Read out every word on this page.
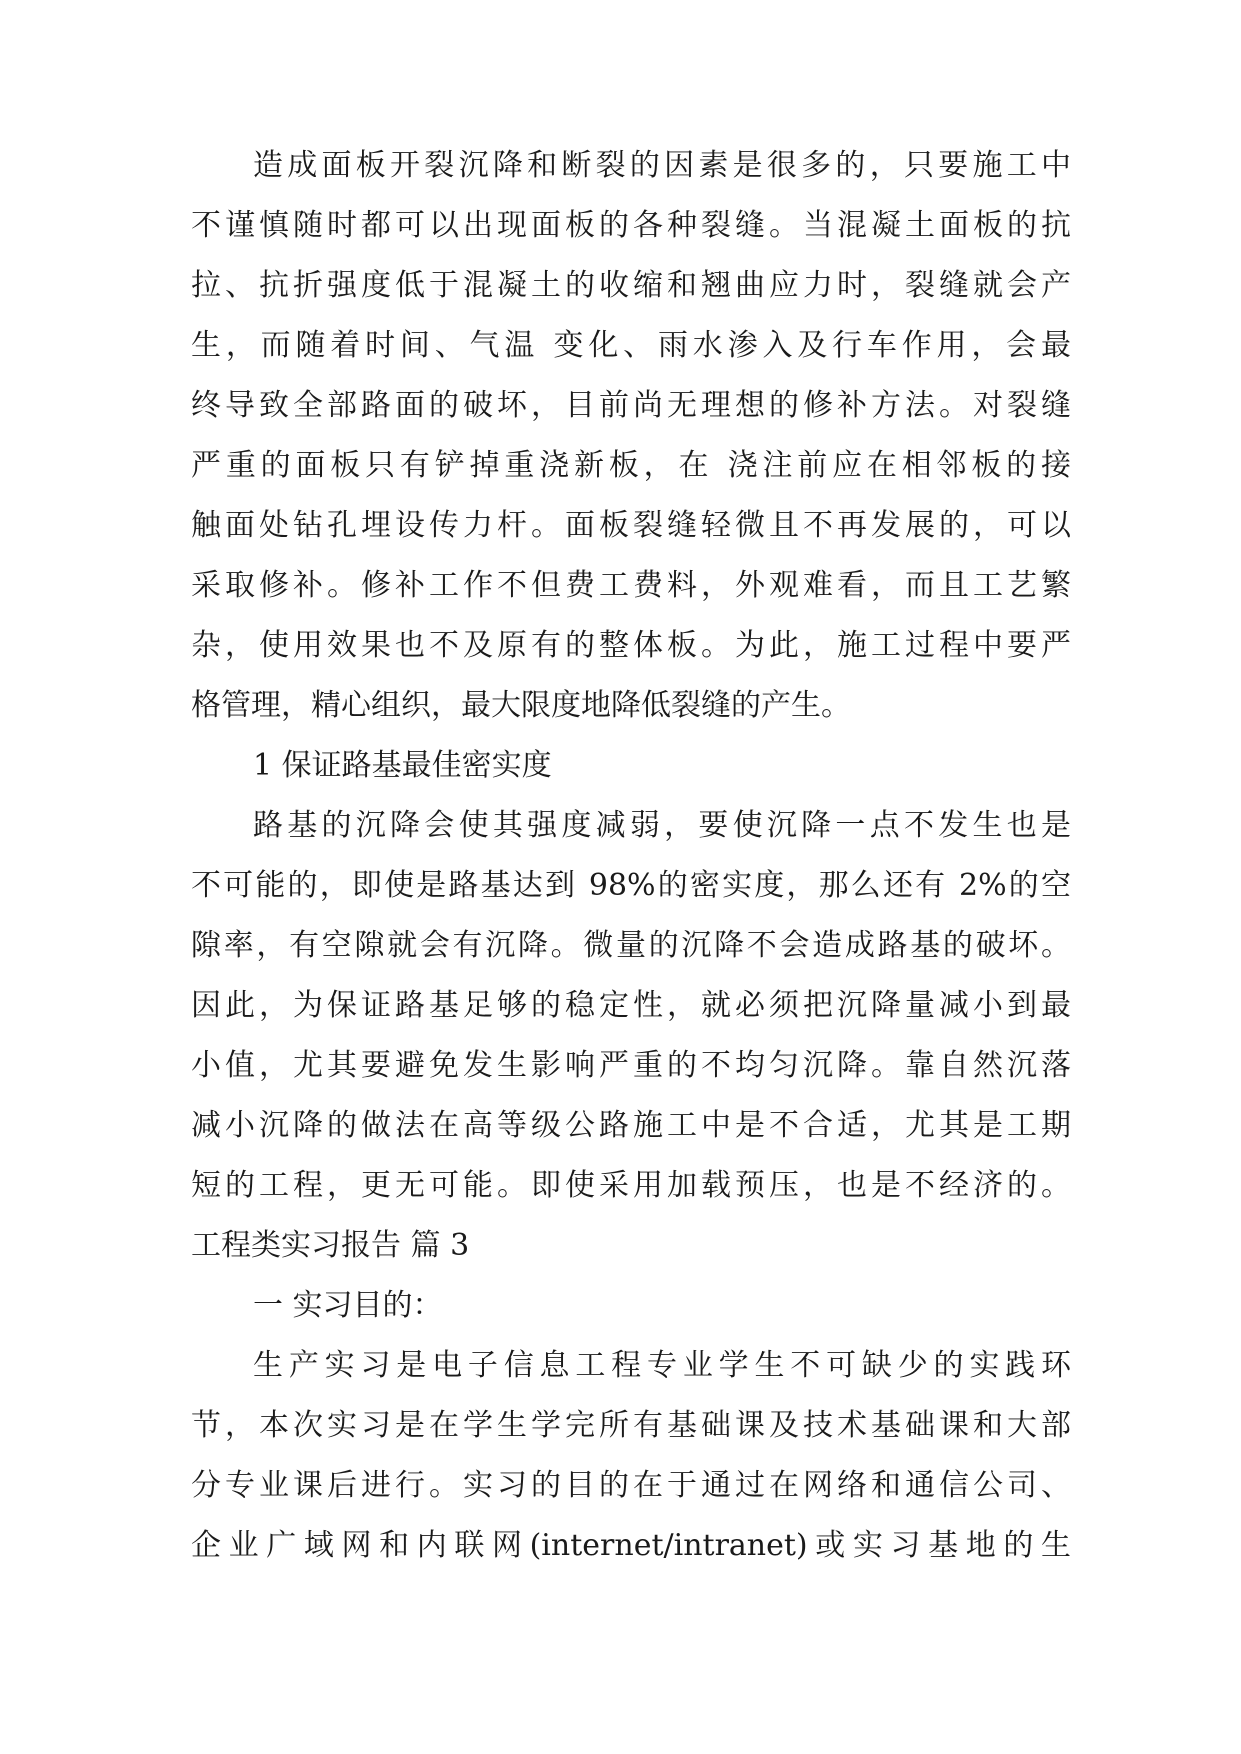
造成面板开裂沉降和断裂的因素是很多的，只要施工中
不谨慎随时都可以出现面板的各种裂缝。当混凝土面板的抗
拉、抗折强度低于混凝土的收缩和翘曲应力时，裂缝就会产
生，而随着时间、气温 变化、雨水渗入及行车作用，会最
终导致全部路面的破坏，目前尚无理想的修补方法。对裂缝
严重的面板只有铲掉重浇新板，在 浇注前应在相邻板的接
触面处钻孔埋设传力杆。面板裂缝轻微且不再发展的，可以
采取修补。修补工作不但费工费料，外观难看，而且工艺繁
杂，使用效果也不及原有的整体板。为此，施工过程中要严
格管理，精心组织，最大限度地降低裂缝的产生。
1 保证路基最佳密实度
路基的沉降会使其强度减弱，要使沉降一点不发生也是
不可能的，即使是路基达到 98%的密实度，那么还有 2%的空
隙率，有空隙就会有沉降。微量的沉降不会造成路基的破坏。
因此，为保证路基足够的稳定性，就必须把沉降量减小到最
小值，尤其要避免发生影响严重的不均匀沉降。靠自然沉落
减小沉降的做法在高等级公路施工中是不合适，尤其是工期
短的工程，更无可能。即使采用加载预压，也是不经济的。
工程类实习报告 篇 3
一 实习目的：
生产实习是电子信息工程专业学生不可缺少的实践环
节，本次实习是在学生学完所有基础课及技术基础课和大部
分专业课后进行。实习的目的在于通过在网络和通信公司、
企业广域网和内联网(internet/intranet)或实习基地的生
